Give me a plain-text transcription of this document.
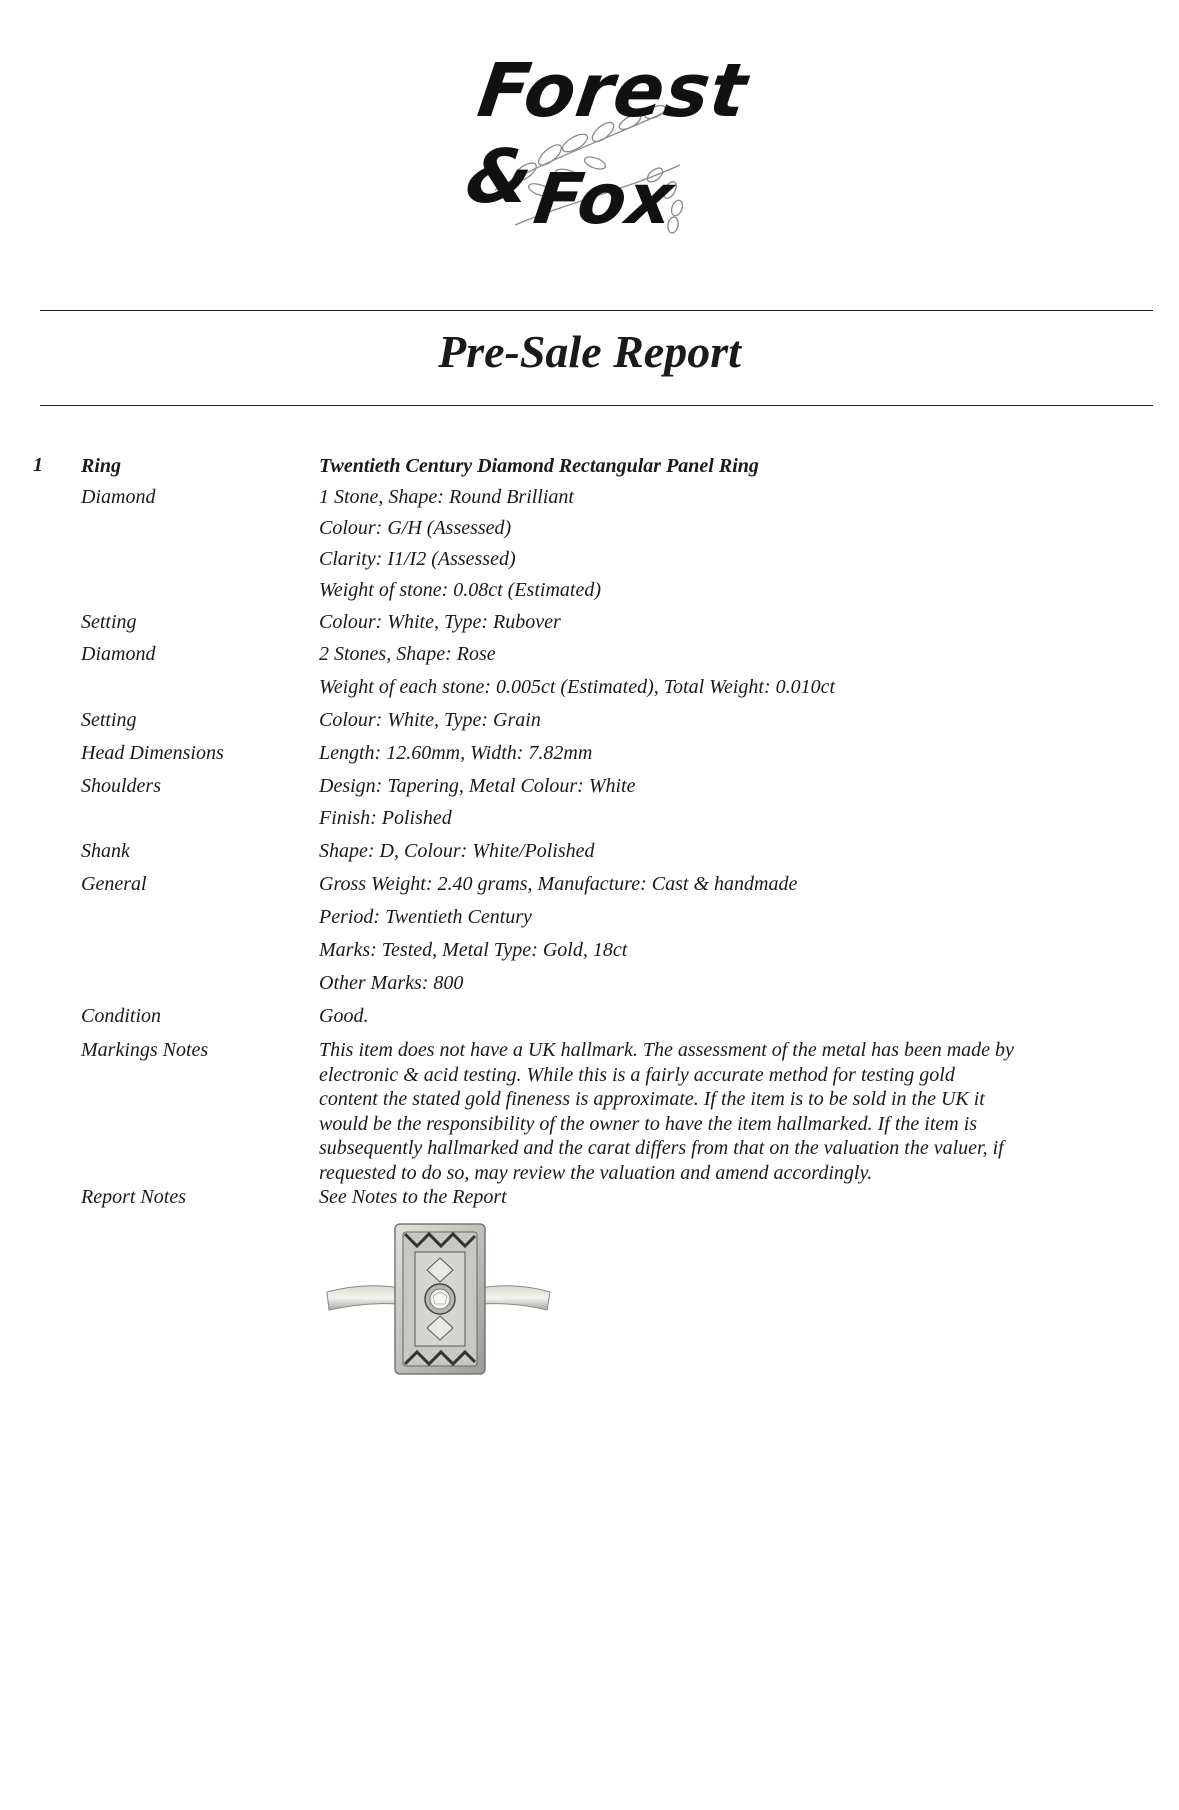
Forest &
Fox
Pre-Sale Report
1 Ring	Twentieth Century Diamond Rectangular Panel Ring
Diamond	1 Stone, Shape: Round Brilliant
Colour: G/H (Assessed)
Clarity: I1/I2 (Assessed)
Weight of stone: 0.08ct (Estimated)
Setting	Colour: White, Type: Rubover
Diamond	2 Stones, Shape: Rose
Weight of each stone: 0.005ct (Estimated), Total Weight: 0.010ct
Setting	Colour: White, Type: Grain
Head Dimensions	Length: 12.60mm, Width: 7.82mm
Shoulders	Design: Tapering, Metal Colour: White
Finish: Polished
Shank	Shape: D, Colour: White/Polished
General	Gross Weight: 2.40 grams, Manufacture: Cast & handmade
Period: Twentieth Century
Marks: Tested, Metal Type: Gold, 18ct
Other Marks: 800
Condition	Good.
Markings Notes	This item does not have a UK hallmark. The assessment of the metal has been made by
electronic & acid testing. While this is a fairly accurate method for testing gold
content the stated gold fineness is approximate. If the item is to be sold in the UK it
would be the responsibility of the owner to have the item hallmarked. If the item is
subsequently hallmarked and the carat differs from that on the valuation the valuer, if
requested to do so, may review the valuation and amend accordingly.
Report Notes	See Notes to the Report
